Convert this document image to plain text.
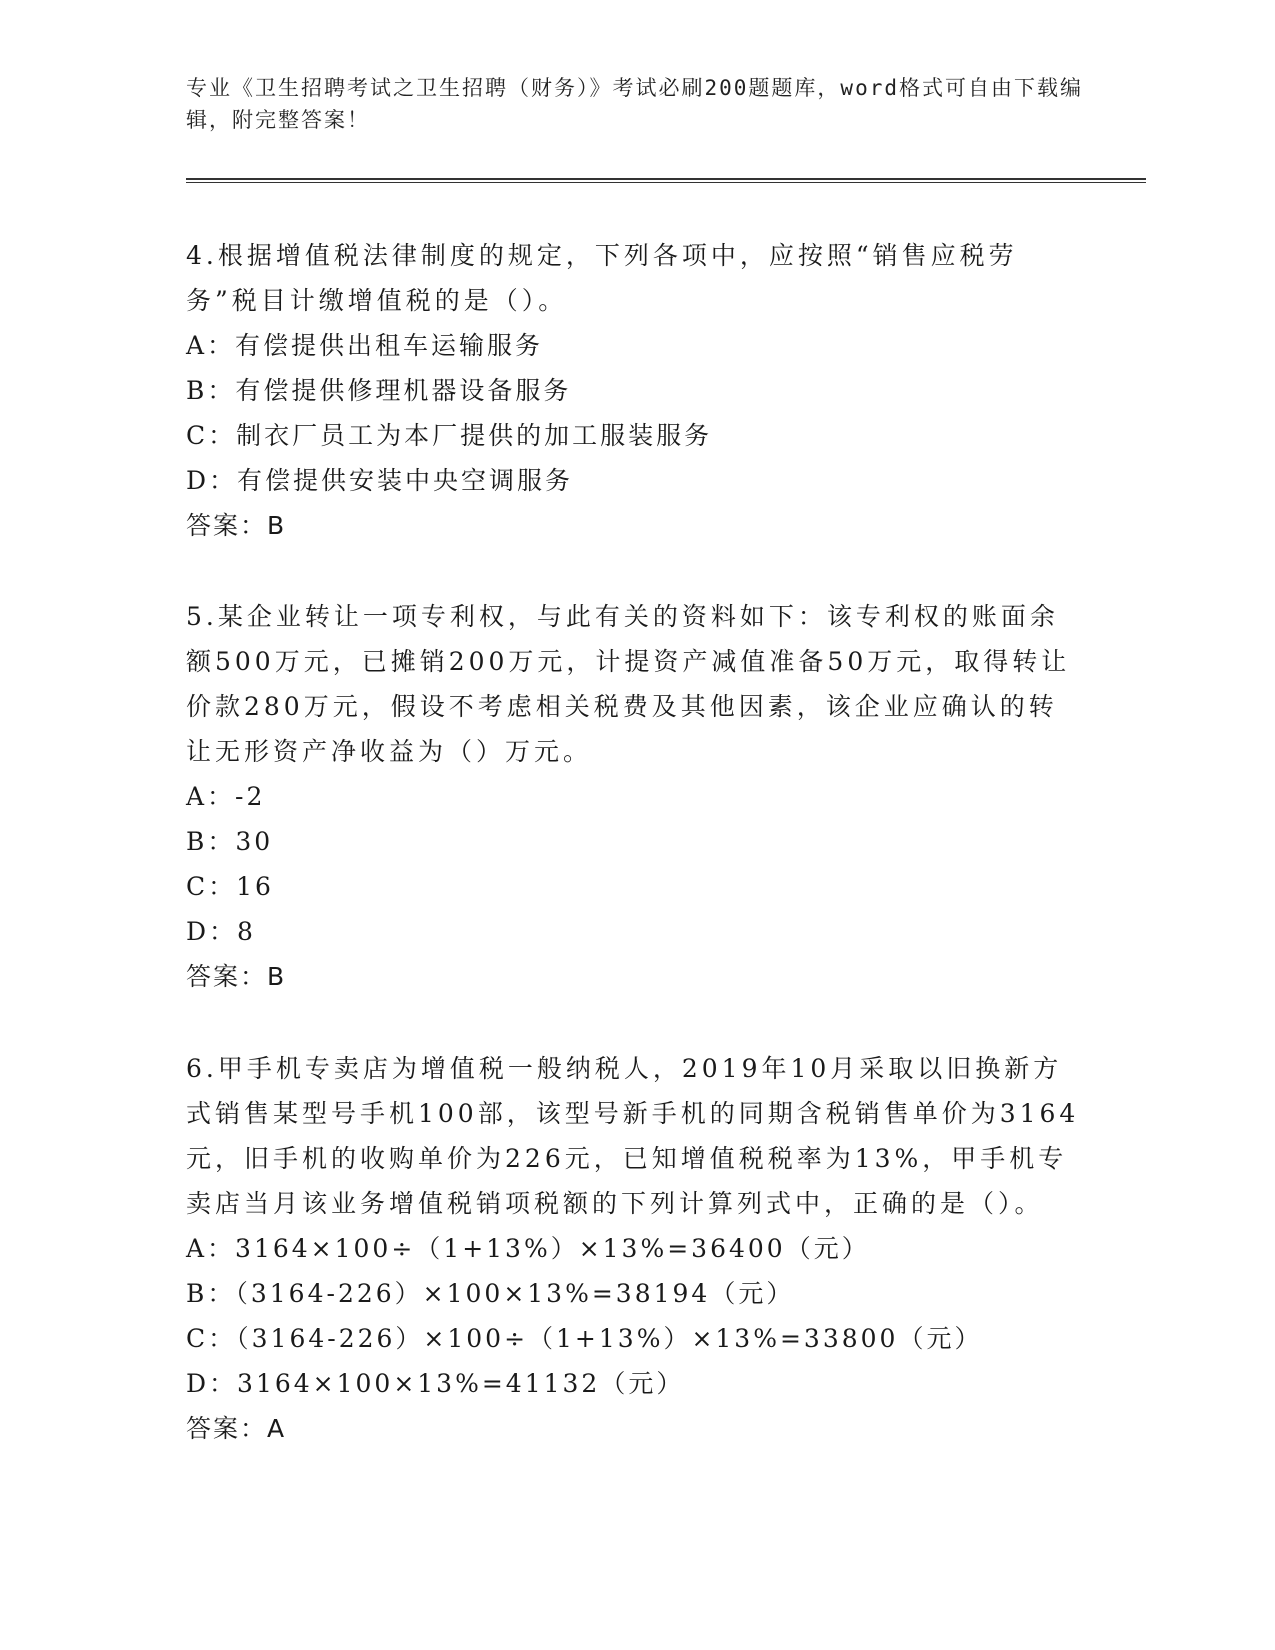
专业《卫生招聘考试之卫生招聘（财务）》考试必刷200题题库，word格式可自由下载编辑，附完整答案！

4.根据增值税法律制度的规定，下列各项中，应按照“销售应税劳务”税目计缴增值税的是（）。

A：有偿提供出租车运输服务

B：有偿提供修理机器设备服务

C：制衣厂员工为本厂提供的加工服装服务

D：有偿提供安装中央空调服务

答案：B

5.某企业转让一项专利权，与此有关的资料如下：该专利权的账面余额500万元，已摊销200万元，计提资产减值准备50万元，取得转让价款280万元，假设不考虑相关税费及其他因素，该企业应确认的转让无形资产净收益为（）万元。

A：-2

B：30

C：16

D：8

答案：B

6.甲手机专卖店为增值税一般纳税人，2019年10月采取以旧换新方式销售某型号手机100部，该型号新手机的同期含税销售单价为3164元，旧手机的收购单价为226元，已知增值税税率为13%，甲手机专卖店当月该业务增值税销项税额的下列计算列式中，正确的是（）。

A：3164×100÷（1+13%）×13%=36400（元）

B：（3164-226）×100×13%=38194（元）

C：（3164-226）×100÷（1+13%）×13%=33800（元）

D：3164×100×13%=41132（元）

答案：A
